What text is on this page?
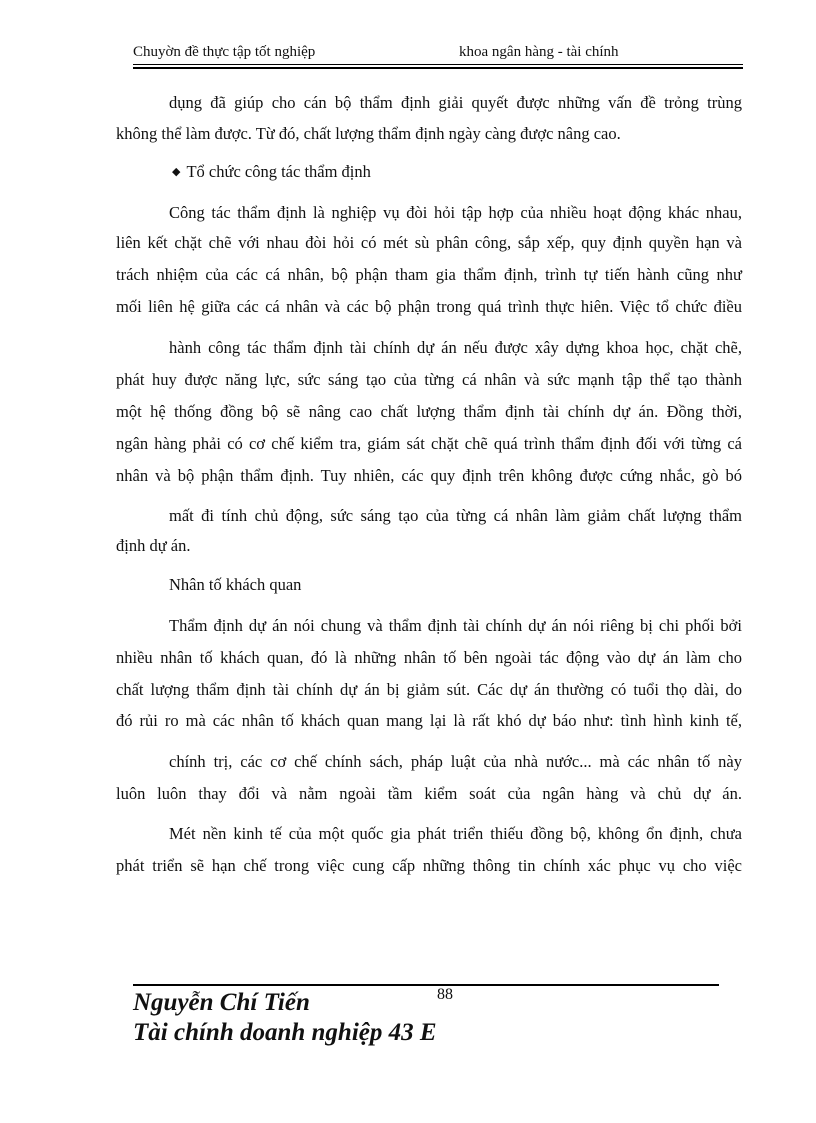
Chuyờn đề thực tập tốt nghiệp	khoa ngân hàng - tài chính
dụng đã giúp cho cán bộ thẩm định giải quyết được những vấn đề trỏng trùng
không thể làm được. Từ đó, chất lượng thẩm định ngày càng được nâng cao.
◆ Tổ chức công tác thẩm định
Công tác thẩm định là nghiệp vụ đòi hỏi tập hợp của nhiều hoạt động khác nhau,
liên kết chặt chẽ với nhau đòi hỏi có mét sù phân công, sắp xếp, quy định quyền hạn và
trách nhiệm của các cá nhân, bộ phận tham gia thẩm định, trình tự tiến hành cũng như
mối liên hệ giữa các cá nhân và các bộ phận trong quá trình thực hiên. Việc tổ chức điều
hành công tác thẩm định tài chính dự án nếu được xây dựng khoa học, chặt chẽ,
phát huy được năng lực, sức sáng tạo của từng cá nhân và sức mạnh tập thể tạo thành
một hệ thống đồng bộ sẽ nâng cao chất lượng thẩm định tài chính dự án. Đồng thời,
ngân hàng phải có cơ chế kiểm tra, giám sát chặt chẽ quá trình thẩm định đối với từng cá
nhân và bộ phận thẩm định. Tuy nhiên, các quy định trên không được cứng nhắc, gò bó
mất đi tính chủ động, sức sáng tạo của từng cá nhân làm giảm chất lượng thẩm
định dự án.
Nhân tố khách quan
Thẩm định dự án nói chung và thẩm định tài chính dự án nói riêng bị chi phối bởi
nhiều nhân tố khách quan, đó là những nhân tố bên ngoài tác động vào dự án làm cho
chất lượng thẩm định tài chính dự án bị giảm sút. Các dự án thường có tuổi thọ dài, do
đó rủi ro mà các nhân tố khách quan mang lại là rất khó dự báo như: tình hình kinh tế,
chính trị, các cơ chế chính sách, pháp luật của nhà nước... mà các nhân tố này
luôn luôn thay đổi và nằm ngoài tầm kiểm soát của ngân hàng và chủ dự án.
Mét nền kinh tế của một quốc gia phát triển thiếu đồng bộ, không ổn định, chưa
phát triển sẽ hạn chế trong việc cung cấp những thông tin chính xác phục vụ cho việc
88
Nguyễn Chí Tiến
Tài chính doanh nghiệp 43 E
